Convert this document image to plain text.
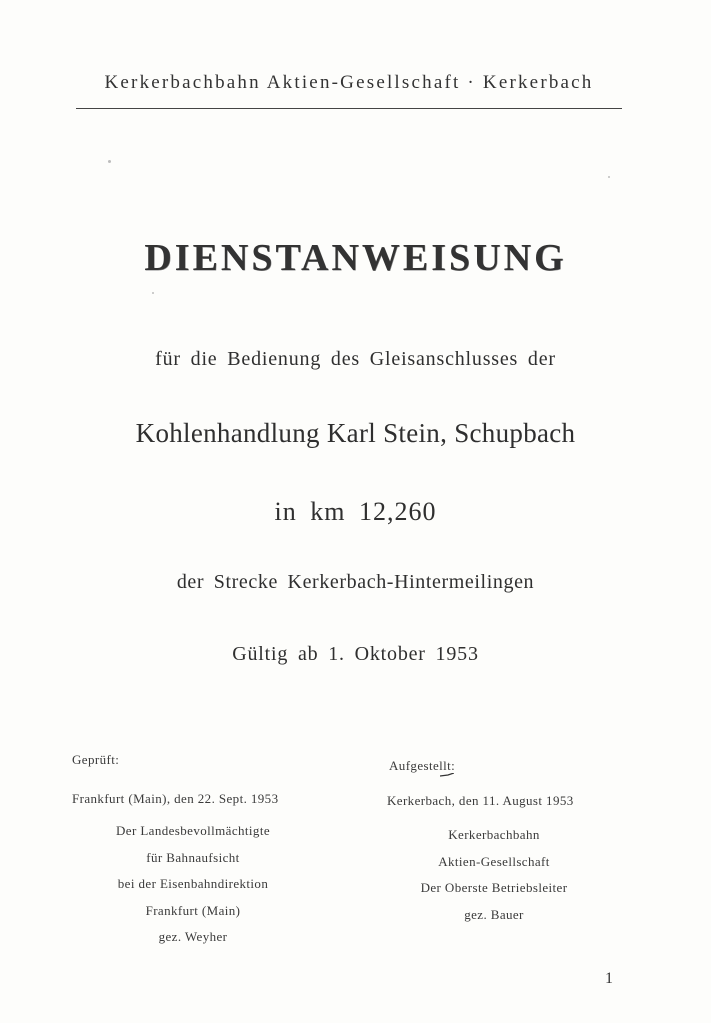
Kerkerbachbahn Aktien-Gesellschaft · Kerkerbach
DIENSTANWEISUNG
für die Bedienung des Gleisanschlusses der
Kohlenhandlung Karl Stein, Schupbach
in km 12,260
der Strecke Kerkerbach-Hintermeilingen
Gültig ab 1. Oktober 1953
Geprüft:
Frankfurt (Main), den 22. Sept. 1953
Der Landesbevollmächtigte
für Bahnaufsicht
bei der Eisenbahndirektion
Frankfurt (Main)
gez. Weyher
Aufgestellt:
Kerkerbach, den 11. August 1953
Kerkerbachbahn
Aktien-Gesellschaft
Der Oberste Betriebsleiter
gez. Bauer
1
